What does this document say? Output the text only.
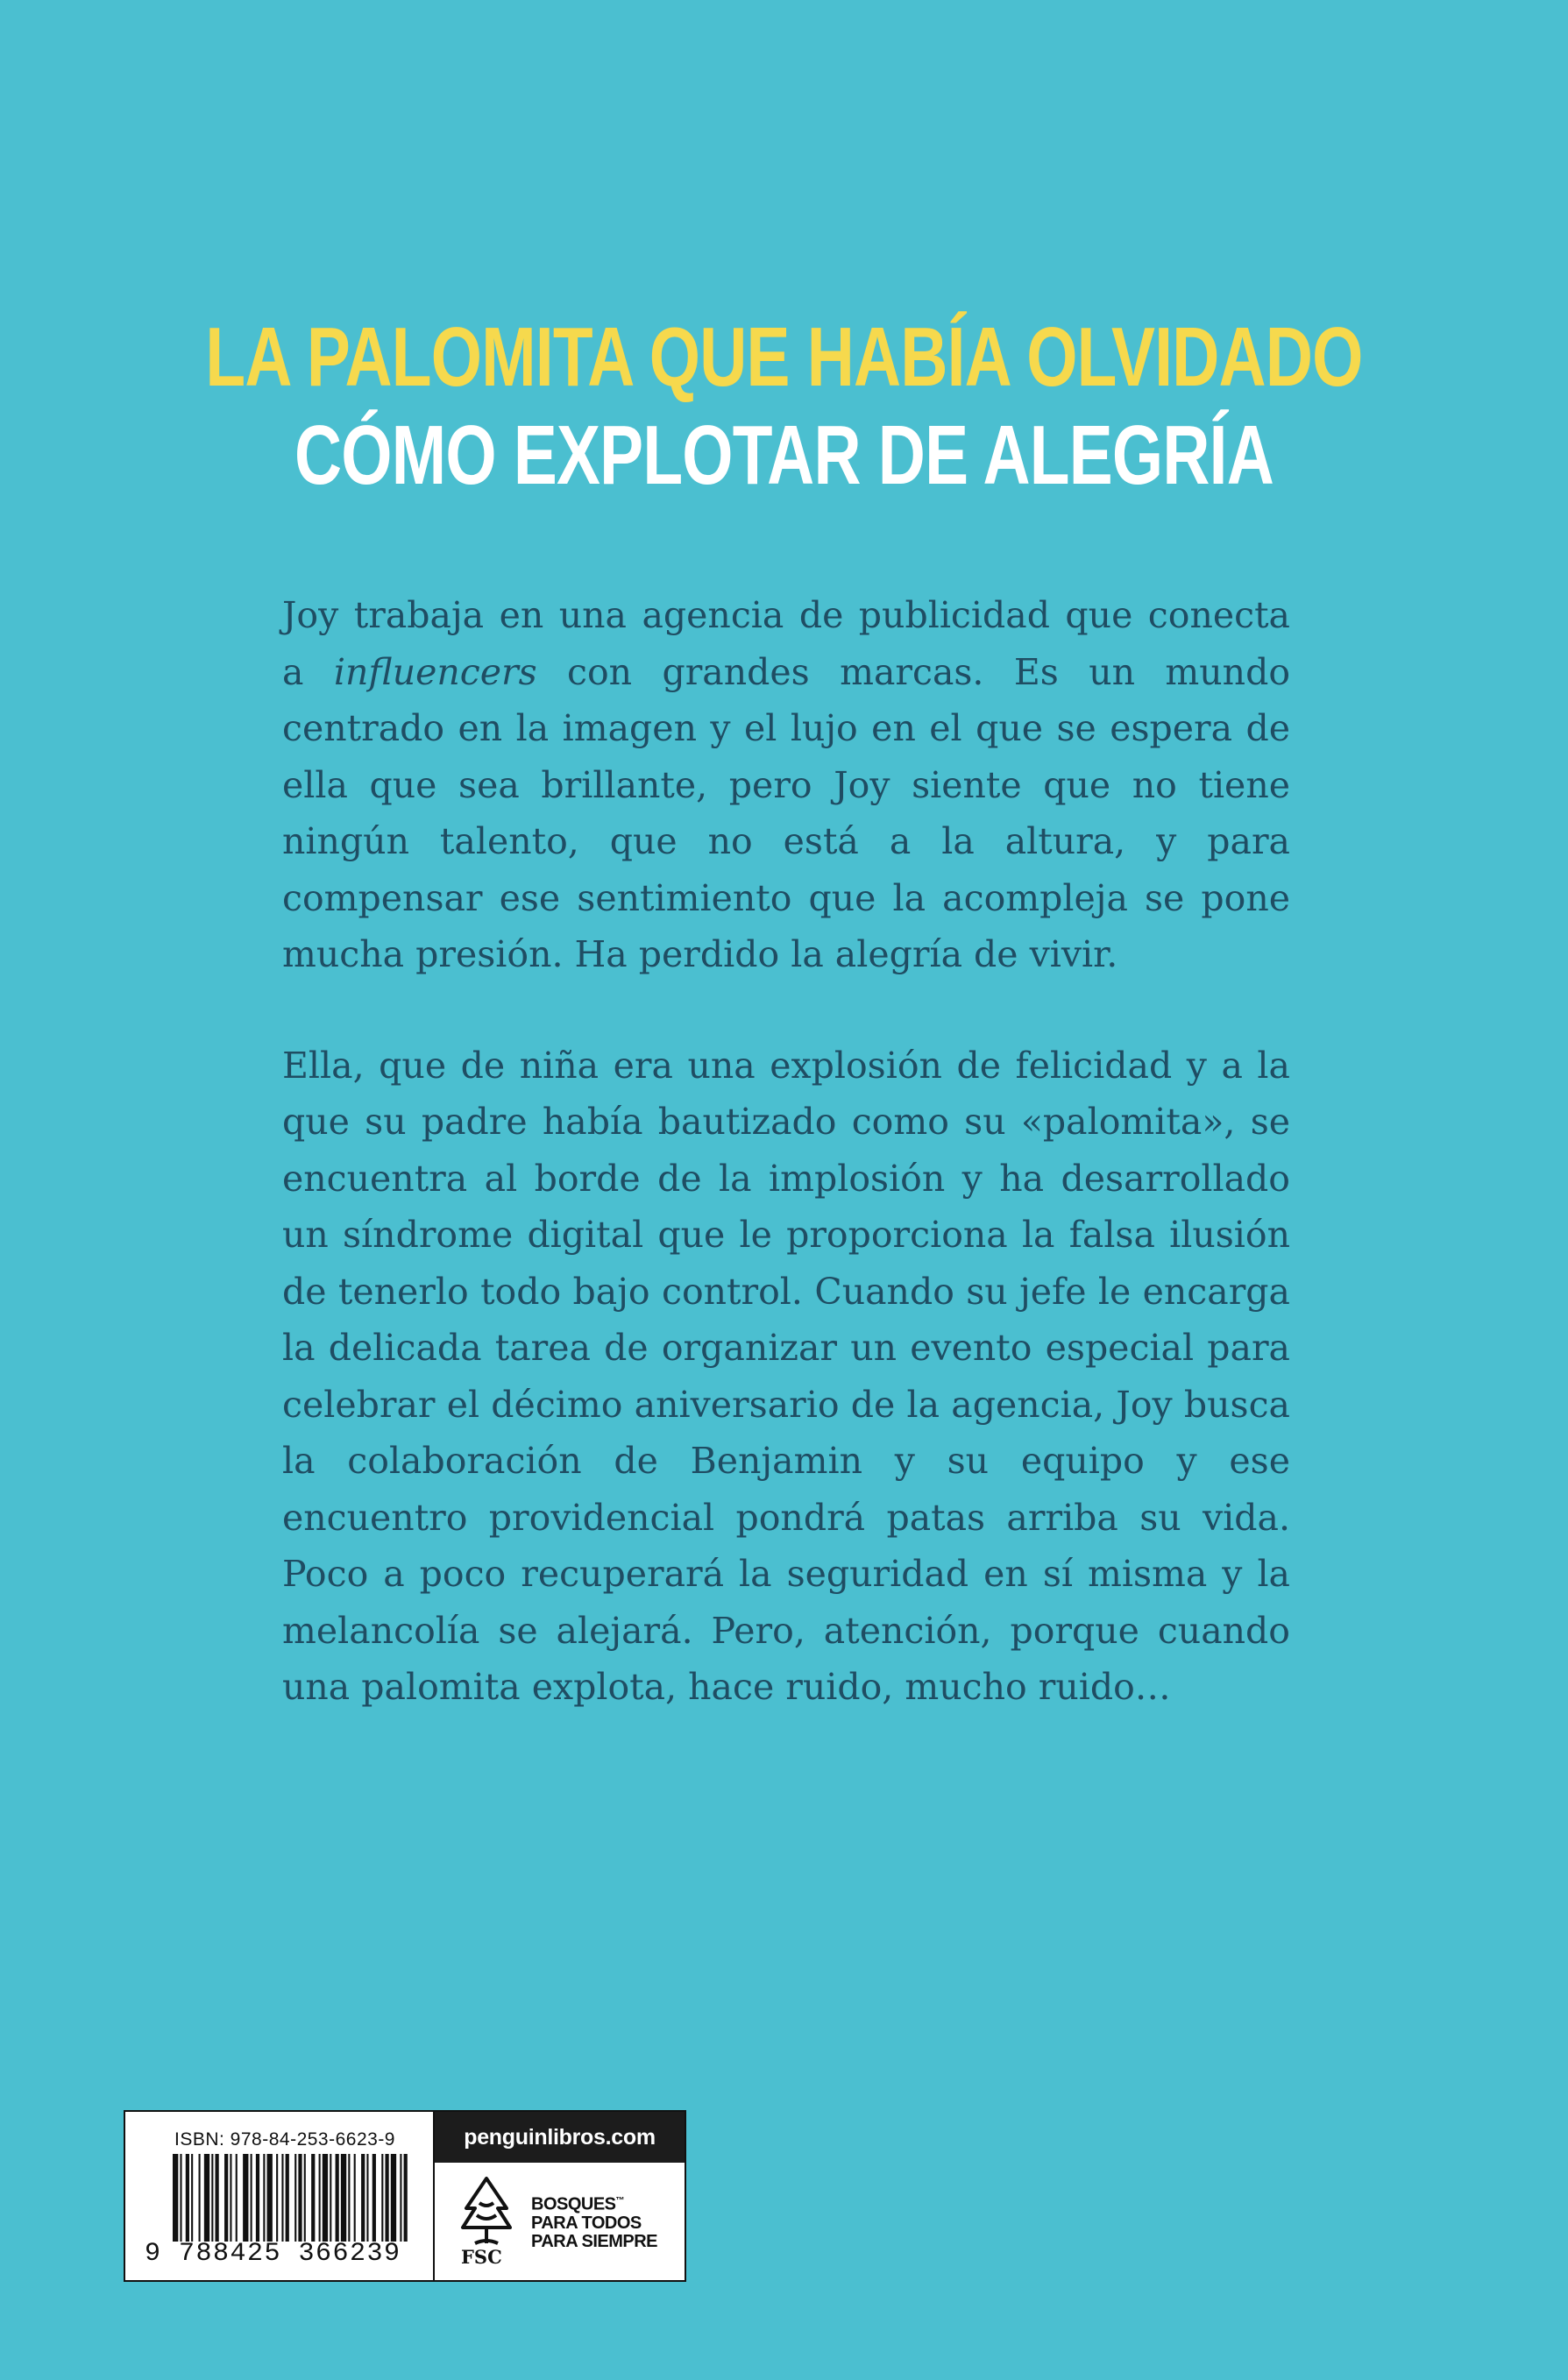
LA PALOMITA QUE HABÍA OLVIDADO
CÓMO EXPLOTAR DE ALEGRÍA

Joy trabaja en una agencia de publicidad que conecta a influencers con grandes marcas. Es un mundo centrado en la imagen y el lujo en el que se espera de ella que sea brillante, pero Joy siente que no tiene ningún talento, que no está a la altura, y para compensar ese sentimiento que la acompleja se pone mucha presión. Ha perdido la alegría de vivir.

Ella, que de niña era una explosión de felicidad y a la que su padre había bautizado como su «palomita», se encuentra al borde de la implosión y ha desarrollado un síndrome digital que le proporciona la falsa ilusión de tenerlo todo bajo control. Cuando su jefe le encarga la delicada tarea de organizar un evento especial para celebrar el décimo aniversario de la agencia, Joy busca la colaboración de Benjamin y su equipo y ese encuentro providencial pondrá patas arriba su vida. Poco a poco recuperará la seguridad en sí misma y la melancolía se alejará. Pero, atención, porque cuando una palomita explota, hace ruido, mucho ruido…

ISBN: 978-84-253-6623-9
9 788425 366239
penguinlibros.com
FSC
BOSQUES™
PARA TODOS
PARA SIEMPRE
